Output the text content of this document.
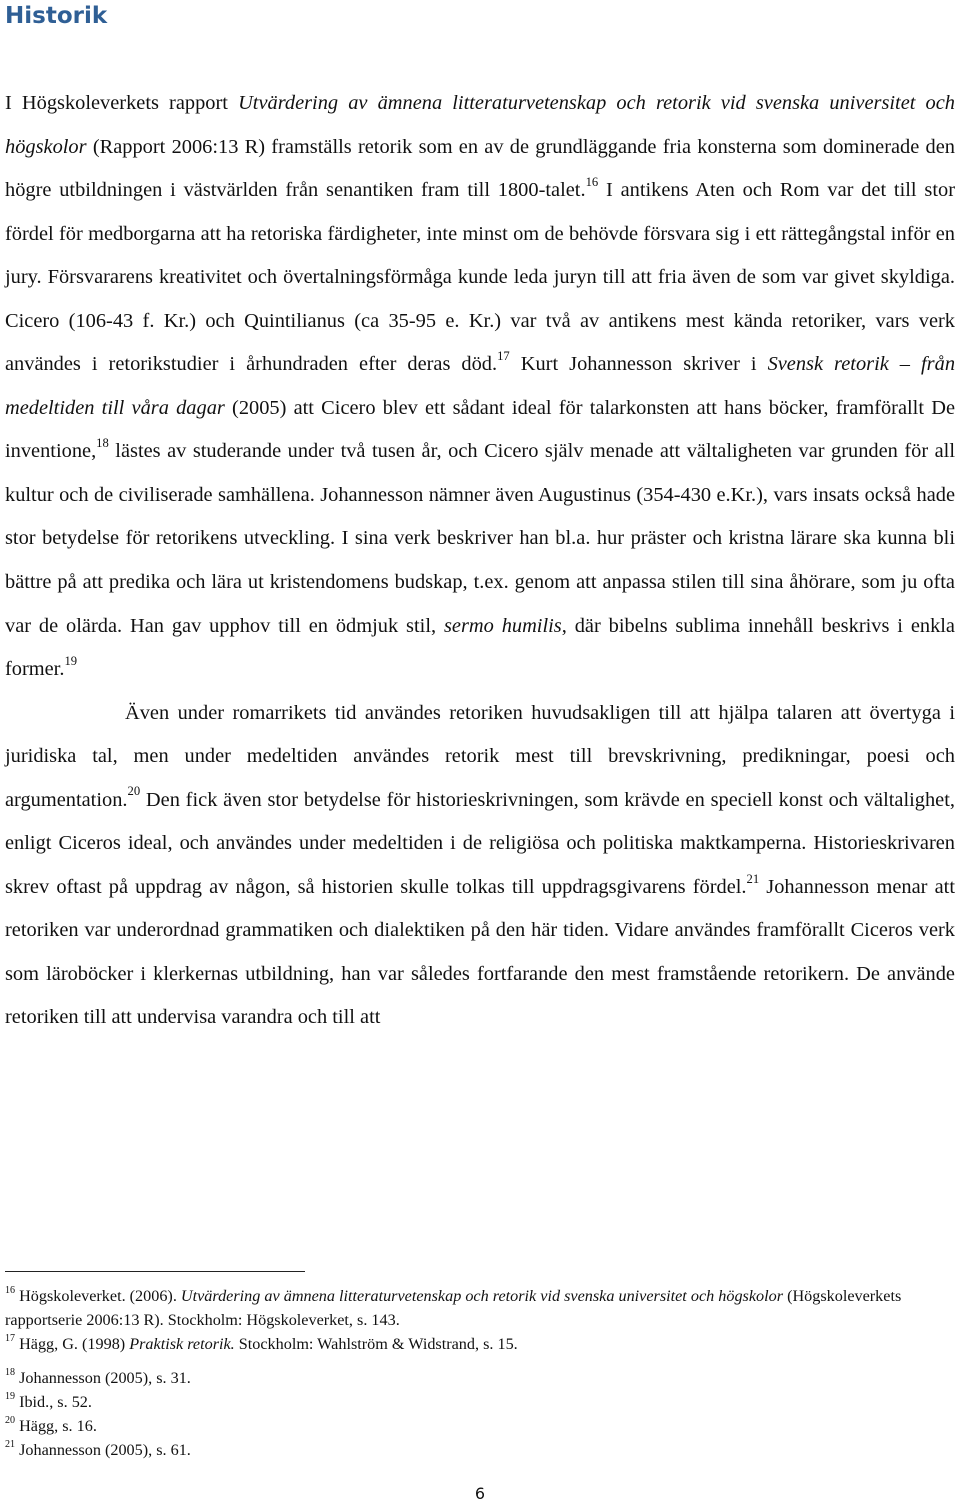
Historik

I Högskoleverkets rapport Utvärdering av ämnena litteraturvetenskap och retorik vid svenska universitet och högskolor (Rapport 2006:13 R) framställs retorik som en av de grundläggande fria konsterna som dominerade den högre utbildningen i västvärlden från senantiken fram till 1800-talet.$^{16}$ I antikens Aten och Rom var det till stor fördel för medborgarna att ha retoriska färdigheter, inte minst om de behövde försvara sig i ett rättegångstal inför en jury. Försvararens kreativitet och övertalningsförmåga kunde leda juryn till att fria även de som var givet skyldiga. Cicero (106-43 f. Kr.) och Quintilianus (ca 35-95 e. Kr.) var två av antikens mest kända retoriker, vars verk användes i retorikstudier i århundraden efter deras död.$^{17}$ Kurt Johannesson skriver i Svensk retorik – från medeltiden till våra dagar (2005) att Cicero blev ett sådant ideal för talarkonsten att hans böcker, framförallt De inventione,$^{18}$ lästes av studerande under två tusen år, och Cicero själv menade att vältaligheten var grunden för all kultur och de civiliserade samhällena. Johannesson nämner även Augustinus (354-430 e.Kr.), vars insats också hade stor betydelse för retorikens utveckling. I sina verk beskriver han bl.a. hur präster och kristna lärare ska kunna bli bättre på att predika och lära ut kristendomens budskap, t.ex. genom att anpassa stilen till sina åhörare, som ju ofta var de olärda. Han gav upphov till en ödmjuk stil, sermo humilis, där bibelns sublima innehåll beskrivs i enkla former.$^{19}$

Även under romarrikets tid användes retoriken huvudsakligen till att hjälpa talaren att övertyga i juridiska tal, men under medeltiden användes retorik mest till brevskrivning, predikningar, poesi och argumentation.$^{20}$ Den fick även stor betydelse för historieskrivningen, som krävde en speciell konst och vältalighet, enligt Ciceros ideal, och användes under medeltiden i de religiösa och politiska maktkamperna. Historieskrivaren skrev oftast på uppdrag av någon, så historien skulle tolkas till uppdragsgivarens fördel.$^{21}$ Johannesson menar att retoriken var underordnad grammatiken och dialektiken på den här tiden. Vidare användes framförallt Ciceros verk som läroböcker i klerkernas utbildning, han var således fortfarande den mest framstående retorikern. De använde retoriken till att undervisa varandra och till att

$^{16}$ Högskoleverket. (2006). Utvärdering av ämnena litteraturvetenskap och retorik vid svenska universitet och högskolor (Högskoleverkets rapportserie 2006:13 R). Stockholm: Högskoleverket, s. 143.
$^{17}$ Hägg, G. (1998) Praktisk retorik. Stockholm: Wahlström & Widstrand, s. 15.
$^{18}$ Johannesson (2005), s. 31.
$^{19}$ Ibid., s. 52.
$^{20}$ Hägg, s. 16.
$^{21}$ Johannesson (2005), s. 61.
6
